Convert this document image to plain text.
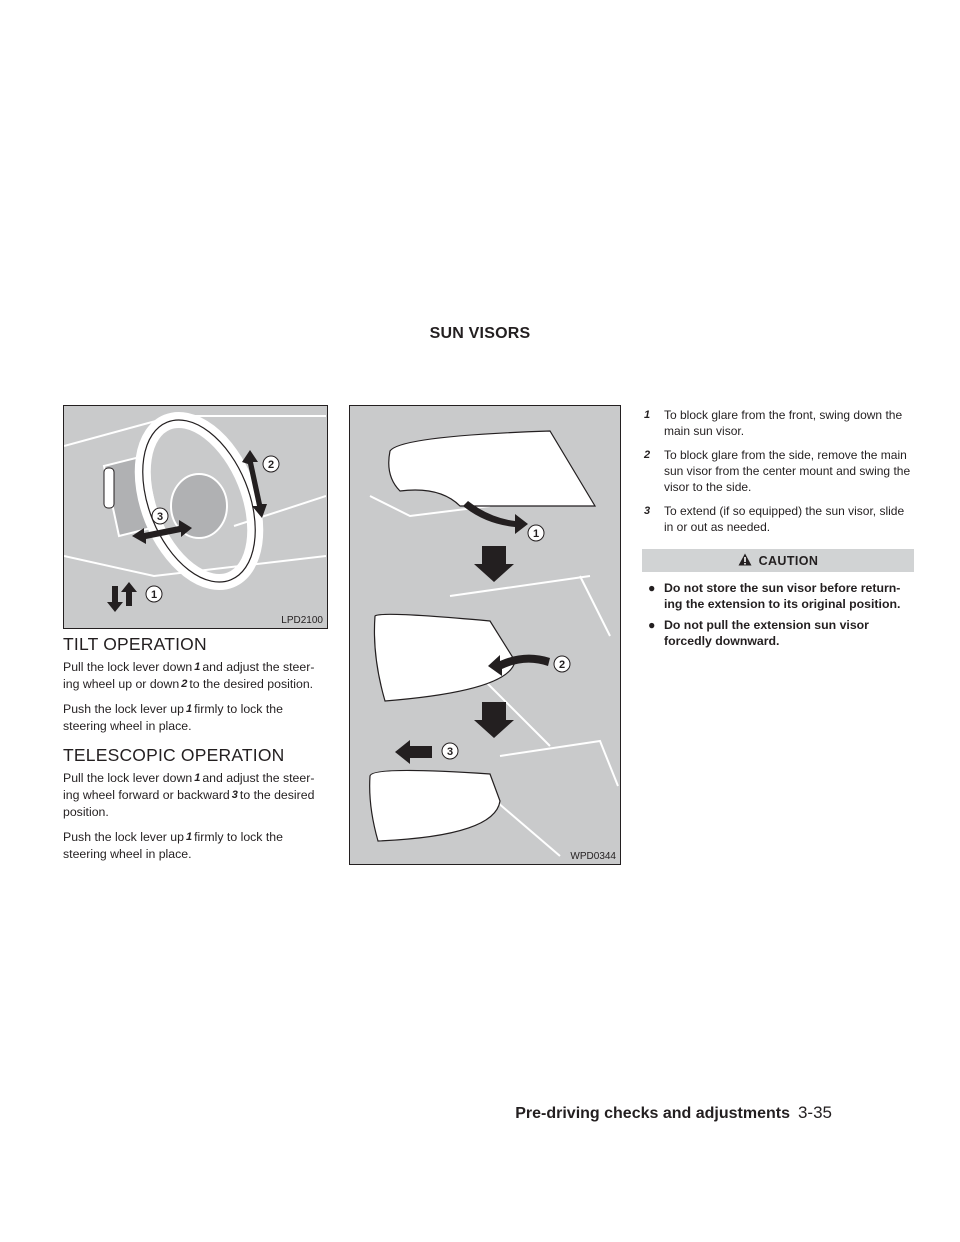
SUN VISORS
2
3
1
LPD2100
TILT OPERATION

Pull the lock lever down 1 and adjust the steer-ing wheel up or down 2 to the desired position.

Push the lock lever up 1 firmly to lock the steering wheel in place.

TELESCOPIC OPERATION

Pull the lock lever down 1 and adjust the steer-ing wheel forward or backward 3 to the desired position.

Push the lock lever up 1 firmly to lock the steering wheel in place.

1
2
3
WPD0344
1 To block glare from the front, swing down the main sun visor.
2 To block glare from the side, remove the main sun visor from the center mount and swing the visor to the side.
3 To extend (if so equipped) the sun visor, slide in or out as needed.
CAUTION
● Do not store the sun visor before return-ing the extension to its original position.
● Do not pull the extension sun visor forcedly downward.
Pre-driving checks and adjustments 3-35
